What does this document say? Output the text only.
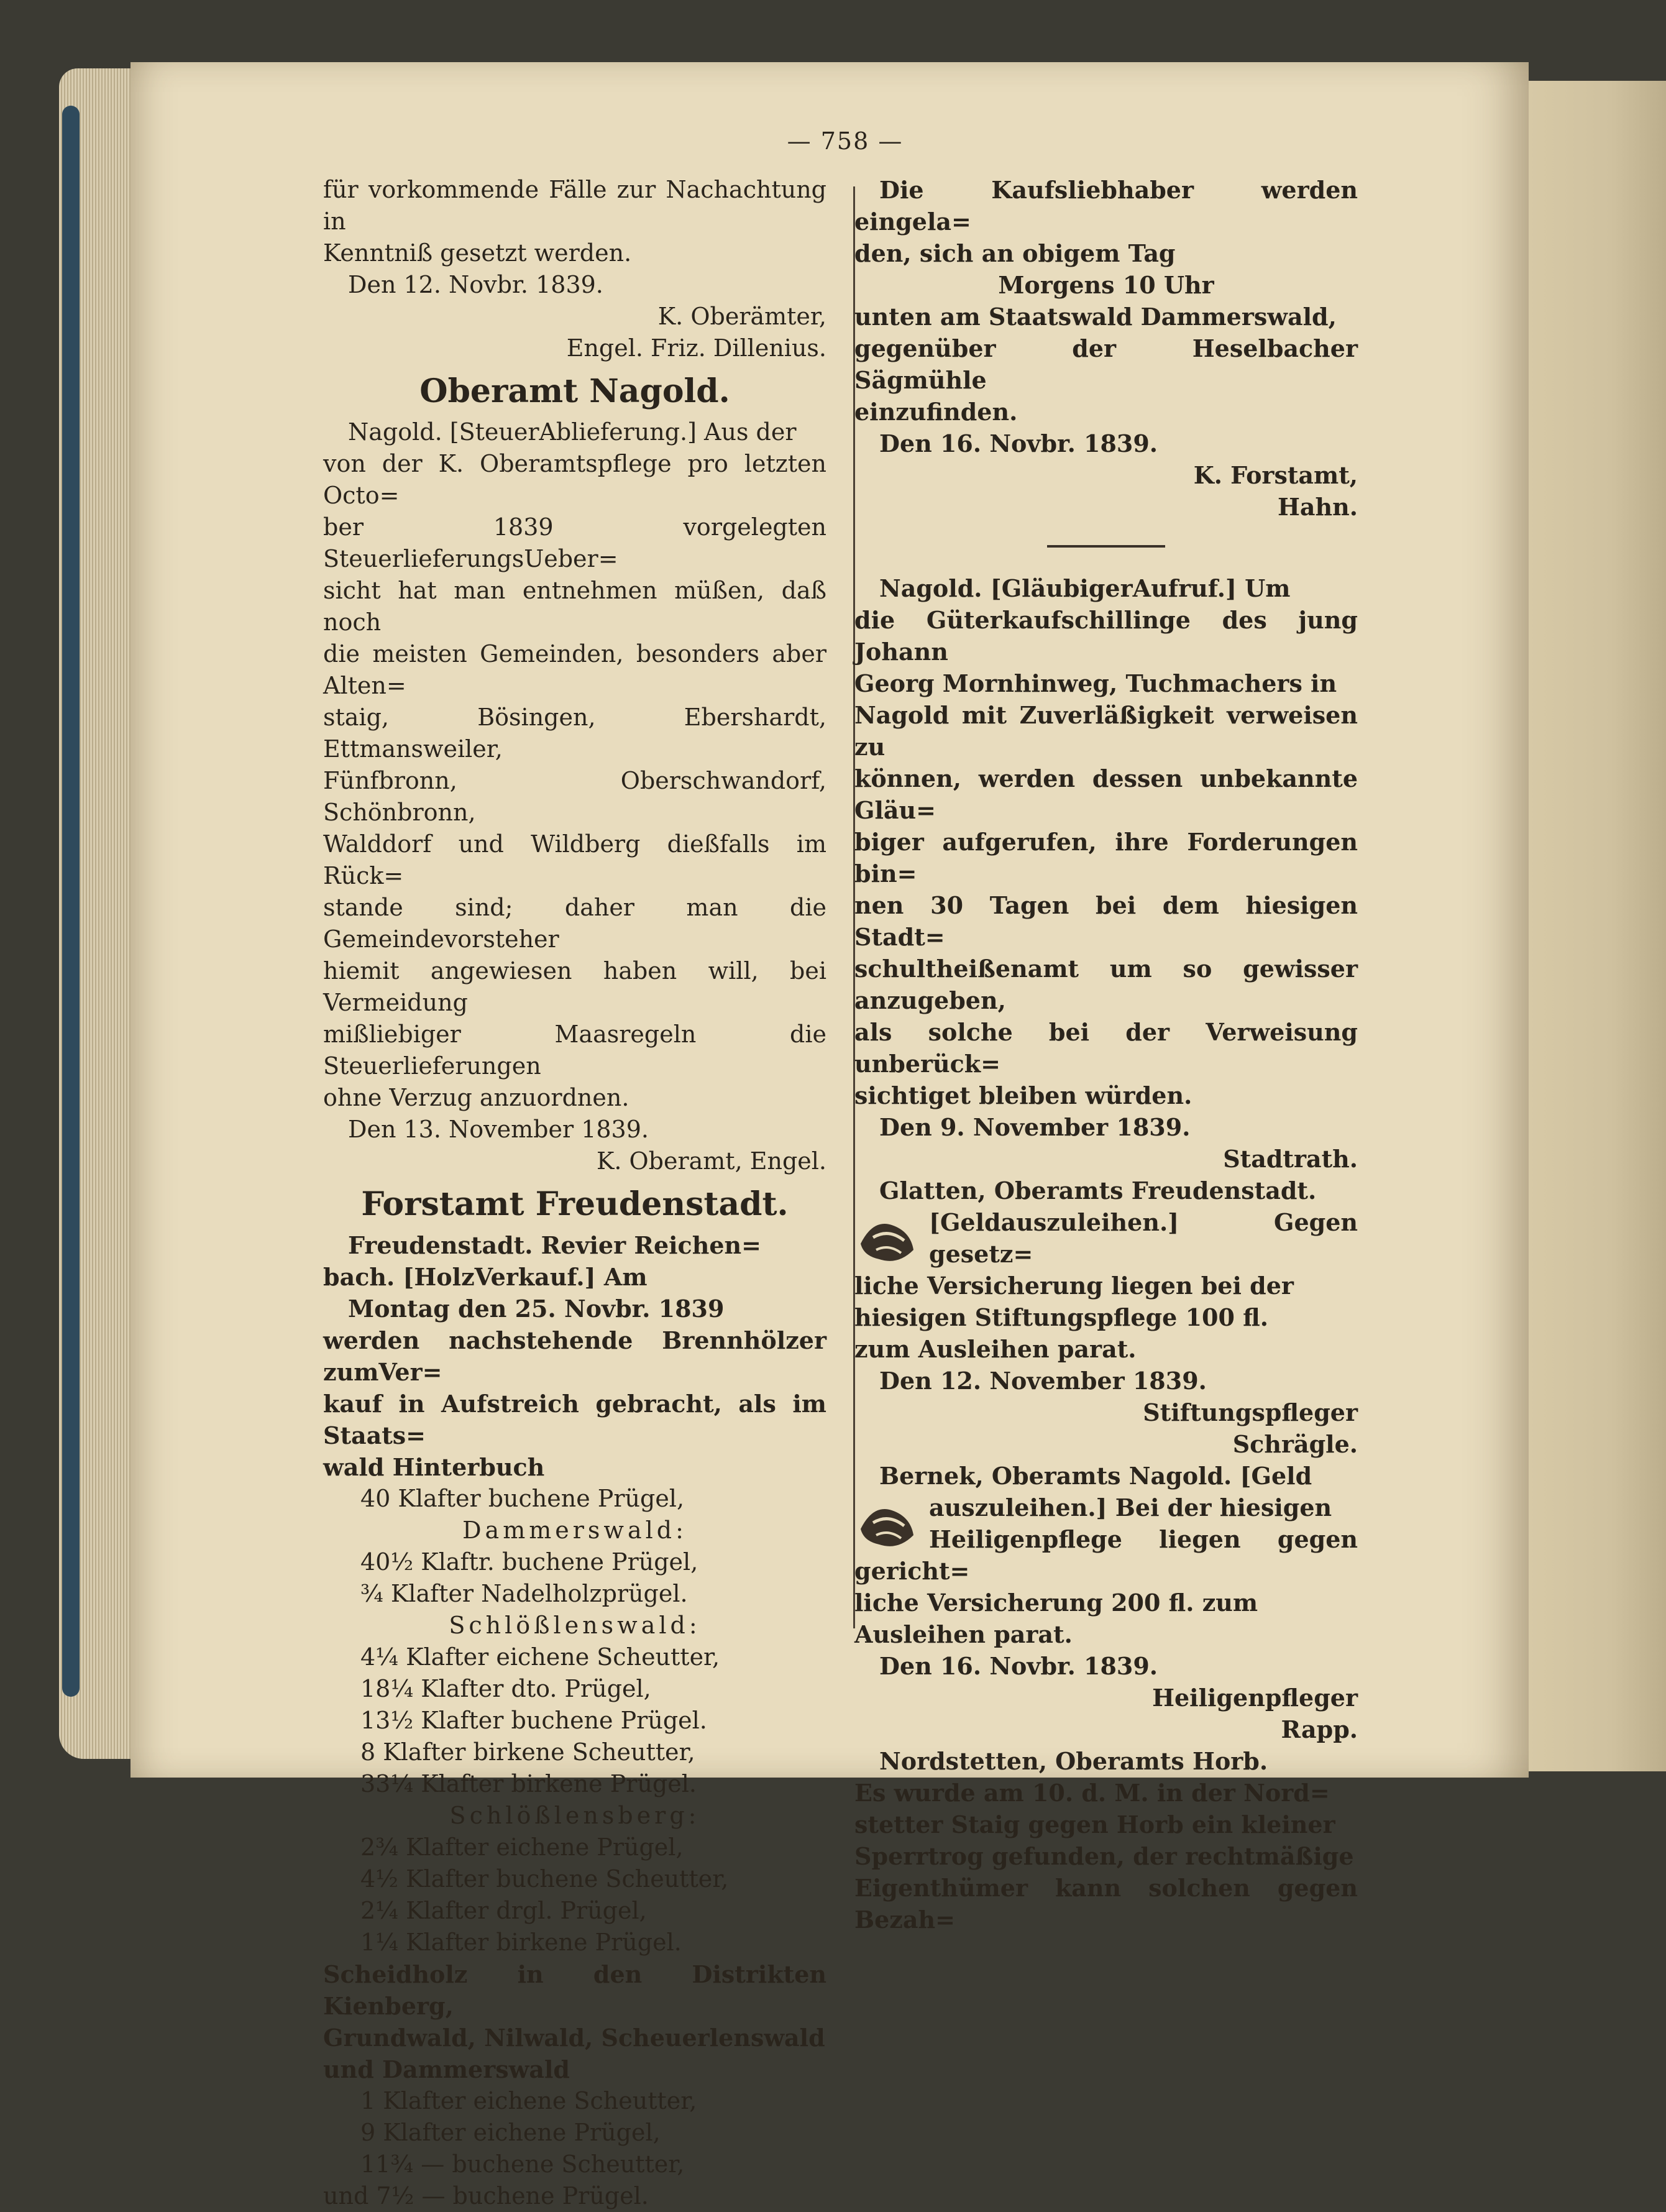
— 758 —

für vorkommende Fälle zur Nachachtung in

Kenntniß gesetzt werden.

Den 12. Novbr. 1839.

K. Oberämter,

Engel. Friz. Dillenius.

Oberamt Nagold.

Nagold. [SteuerAblieferung.] Aus der

von der K. Oberamtspflege pro letzten Octo=

ber 1839 vorgelegten SteuerlieferungsUeber=

sicht hat man entnehmen müßen, daß noch

die meisten Gemeinden, besonders aber Alten=

staig, Bösingen, Ebershardt, Ettmansweiler,

Fünfbronn, Oberschwandorf, Schönbronn,

Walddorf und Wildberg dießfalls im Rück=

stande sind; daher man die Gemeindevorsteher

hiemit angewiesen haben will, bei Vermeidung

mißliebiger Maasregeln die Steuerlieferungen

ohne Verzug anzuordnen.

Den 13. November 1839.

K. Oberamt, Engel.

Forstamt Freudenstadt.

Freudenstadt. Revier Reichen=

bach. [HolzVerkauf.] Am

Montag den 25. Novbr. 1839

werden nachstehende Brennhölzer zumVer=

kauf in Aufstreich gebracht, als im Staats=

wald Hinterbuch

40 Klafter buchene Prügel,

Dammerswald:

40½ Klaftr. buchene Prügel,

¾ Klafter Nadelholzprügel.

Schlößlenswald:

4¼ Klafter eichene Scheutter,

18¼ Klafter dto. Prügel,

13½ Klafter buchene Prügel.

8 Klafter birkene Scheutter,

33¼ Klafter birkene Prügel.

Schlößlensberg:

2¾ Klafter eichene Prügel,

4½ Klafter buchene Scheutter,

2¼ Klafter drgl. Prügel,

1¼ Klafter birkene Prügel.

Scheidholz in den Distrikten Kienberg,

Grundwald, Nilwald, Scheuerlenswald

und Dammerswald

1 Klafter eichene Scheutter,

9 Klafter eichene Prügel,

11¾ — buchene Scheutter,

und 7½ — buchene Prügel.

Die Kaufsliebhaber werden eingela=

den, sich an obigem Tag

Morgens 10 Uhr

unten am Staatswald Dammerswald,

gegenüber der Heselbacher Sägmühle

einzufinden.

Den 16. Novbr. 1839.

K. Forstamt,

Hahn.

Nagold. [GläubigerAufruf.] Um

die Güterkaufschillinge des jung Johann

Georg Mornhinweg, Tuchmachers in

Nagold mit Zuverläßigkeit verweisen zu

können, werden dessen unbekannte Gläu=

biger aufgerufen, ihre Forderungen bin=

nen 30 Tagen bei dem hiesigen Stadt=

schultheißenamt um so gewisser anzugeben,

als solche bei der Verweisung unberück=

sichtiget bleiben würden.

Den 9. November 1839.

Stadtrath.

Glatten, Oberamts Freudenstadt.

[Geldauszuleihen.] Gegen gesetz=

liche Versicherung liegen bei der

hiesigen Stiftungspflege 100 fl.

zum Ausleihen parat.

Den 12. November 1839.

Stiftungspfleger

Schrägle.

Bernek, Oberamts Nagold. [Geld

auszuleihen.] Bei der hiesigen

Heiligenpflege liegen gegen gericht=

liche Versicherung 200 fl. zum

Ausleihen parat.

Den 16. Novbr. 1839.

Heiligenpfleger

Rapp.

Nordstetten, Oberamts Horb.

Es wurde am 10. d. M. in der Nord=

stetter Staig gegen Horb ein kleiner

Sperrtrog gefunden, der rechtmäßige

Eigenthümer kann solchen gegen Bezah=
